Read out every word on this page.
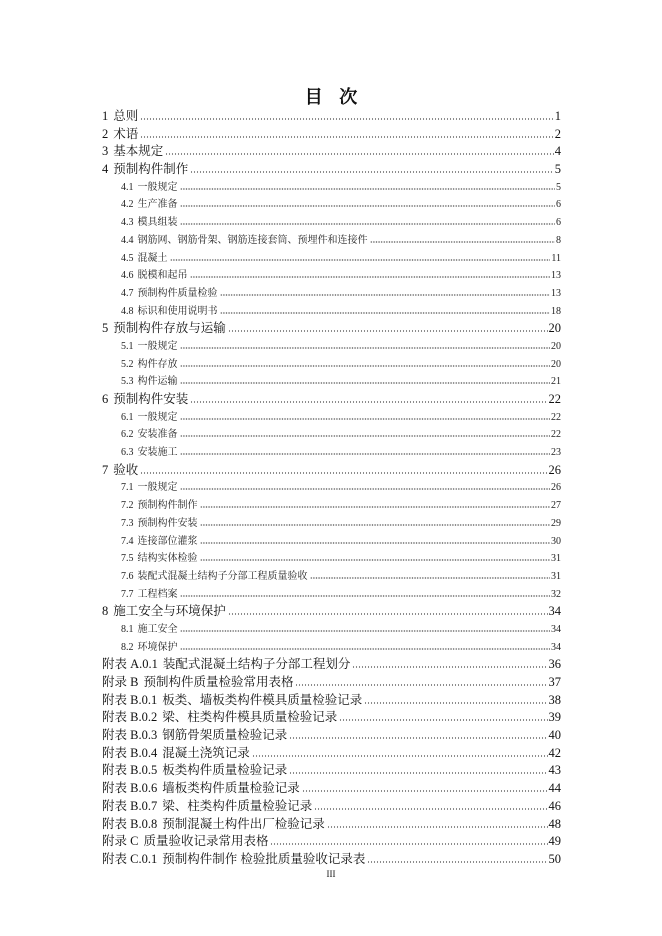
目 次
1 总则	1
2 术语	2
3 基本规定	4
4 预制构件制作	5
4.1 一般规定	5
4.2 生产准备	6
4.3 模具组装	6
4.4 钢筋网、钢筋骨架、钢筋连接套筒、预埋件和连接件	8
4.5 混凝土	11
4.6 脱模和起吊	13
4.7 预制构件质量检验	13
4.8 标识和使用说明书	18
5 预制构件存放与运输	20
5.1 一般规定	20
5.2 构件存放	20
5.3 构件运输	21
6 预制构件安装	22
6.1 一般规定	22
6.2 安装准备	22
6.3 安装施工	23
7 验收	26
7.1 一般规定	26
7.2 预制构件制作	27
7.3 预制构件安装	29
7.4 连接部位灌浆	30
7.5 结构实体检验	31
7.6 装配式混凝土结构子分部工程质量验收	31
7.7 工程档案	32
8 施工安全与环境保护	34
8.1 施工安全	34
8.2 环境保护	34
附表 A.0.1 装配式混凝土结构子分部工程划分	36
附录 B 预制构件质量检验常用表格	37
附表 B.0.1 板类、墙板类构件模具质量检验记录	38
附表 B.0.2 梁、柱类构件模具质量检验记录	39
附表 B.0.3 钢筋骨架质量检验记录	40
附表 B.0.4 混凝土浇筑记录	42
附表 B.0.5 板类构件质量检验记录	43
附表 B.0.6 墙板类构件质量检验记录	44
附表 B.0.7 梁、柱类构件质量检验记录	46
附表 B.0.8 预制混凝土构件出厂检验记录	48
附录 C 质量验收记录常用表格	49
附表 C.0.1 预制构件制作 检验批质量验收记录表	50
III
